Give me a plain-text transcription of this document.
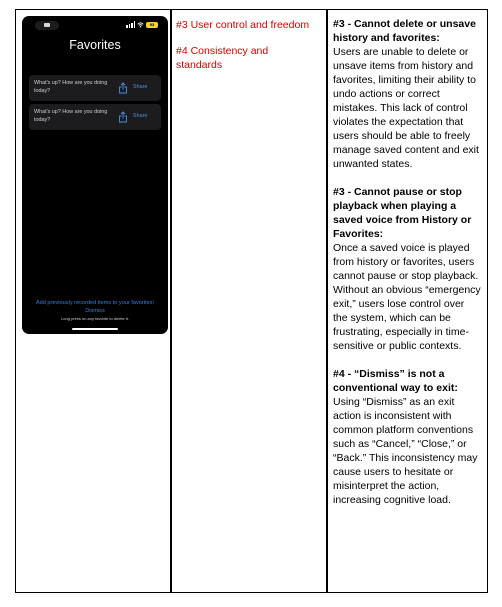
93
Favorites
What's up? How are you doing today?
Share
What's up? How are you doing today?
Share
Add previously recorded items to your favorites!
Dismiss
Long press on any favorite to delete it.
#3 User control and freedom
#4 Consistency and standards
#3 - Cannot delete or unsave history and favorites:
Users are unable to delete or unsave items from history and favorites, limiting their ability to undo actions or correct mistakes. This lack of control violates the expectation that users should be able to freely manage saved content and exit unwanted states.
#3 - Cannot pause or stop playback when playing a saved voice from History or Favorites:
Once a saved voice is played from history or favorites, users cannot pause or stop playback. Without an obvious “emergency exit,” users lose control over the system, which can be frustrating, especially in time-sensitive or public contexts.
#4 - “Dismiss” is not a conventional way to exit:
Using “Dismiss” as an exit action is inconsistent with common platform conventions such as “Cancel,” “Close,” or “Back.” This inconsistency may cause users to hesitate or misinterpret the action, increasing cognitive load.
